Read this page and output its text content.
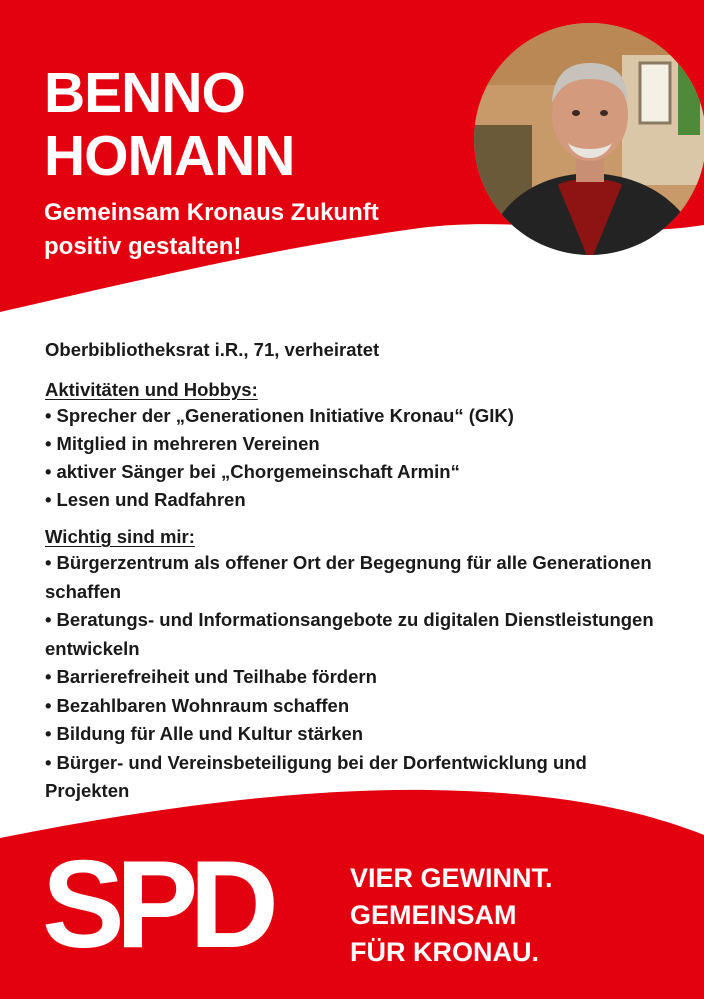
BENNO
HOMANN

Gemeinsam Kronaus Zukunft
positiv gestalten!

Oberbibliotheksrat i.R., 71, verheiratet

Aktivitäten und Hobbys:

• Sprecher der „Generationen Initiative Kronau“ (GIK)
• Mitglied in mehreren Vereinen
• aktiver Sänger bei „Chorgemeinschaft Armin“
• Lesen und Radfahren

Wichtig sind mir:

• Bürgerzentrum als offener Ort der Begegnung für alle Generationen schaffen
• Beratungs- und Informationsangebote zu digitalen Dienstleistungen entwickeln
• Barrierefreiheit und Teilhabe fördern
• Bezahlbaren Wohnraum schaffen
• Bildung für Alle und Kultur stärken
• Bürger- und Vereinsbeteiligung bei der Dorfentwicklung und Projekten

SPD	VIER GEWINNT.
GEMEINSAM
FÜR KRONAU.
